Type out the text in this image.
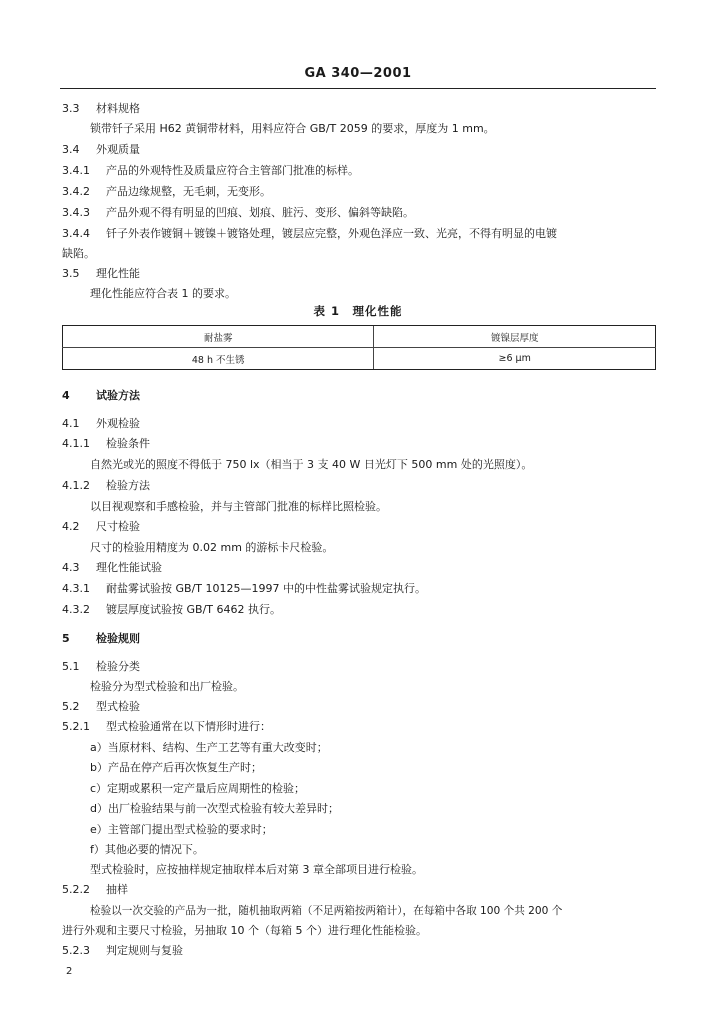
GA 340—2001
3.3 材料规格
锁带钎子采用 H62 黄铜带材料，用料应符合 GB/T 2059 的要求，厚度为 1 mm。
3.4 外观质量
3.4.1 产品的外观特性及质量应符合主管部门批准的标样。
3.4.2 产品边缘规整，无毛刺，无变形。
3.4.3 产品外观不得有明显的凹痕、划痕、脏污、变形、偏斜等缺陷。
3.4.4 钎子外表作镀铜＋镀镍＋镀铬处理，镀层应完整，外观色泽应一致、光亮，不得有明显的电镀
缺陷。
3.5 理化性能
理化性能应符合表 1 的要求。
表 1　理化性能
耐盐雾	镀镍层厚度
48 h 不生锈	≥6 μm
4 试验方法
4.1 外观检验
4.1.1 检验条件
自然光或光的照度不得低于 750 lx（相当于 3 支 40 W 日光灯下 500 mm 处的光照度）。
4.1.2 检验方法
以目视观察和手感检验，并与主管部门批准的标样比照检验。
4.2 尺寸检验
尺寸的检验用精度为 0.02 mm 的游标卡尺检验。
4.3 理化性能试验
4.3.1 耐盐雾试验按 GB/T 10125—1997 中的中性盐雾试验规定执行。
4.3.2 镀层厚度试验按 GB/T 6462 执行。
5 检验规则
5.1 检验分类
检验分为型式检验和出厂检验。
5.2 型式检验
5.2.1 型式检验通常在以下情形时进行：
a）当原材料、结构、生产工艺等有重大改变时；
b）产品在停产后再次恢复生产时；
c）定期或累积一定产量后应周期性的检验；
d）出厂检验结果与前一次型式检验有较大差异时；
e）主管部门提出型式检验的要求时；
f）其他必要的情况下。
型式检验时，应按抽样规定抽取样本后对第 3 章全部项目进行检验。
5.2.2 抽样
检验以一次交验的产品为一批，随机抽取两箱（不足两箱按两箱计），在每箱中各取 100 个共 200 个
进行外观和主要尺寸检验，另抽取 10 个（每箱 5 个）进行理化性能检验。
5.2.3 判定规则与复验
2
